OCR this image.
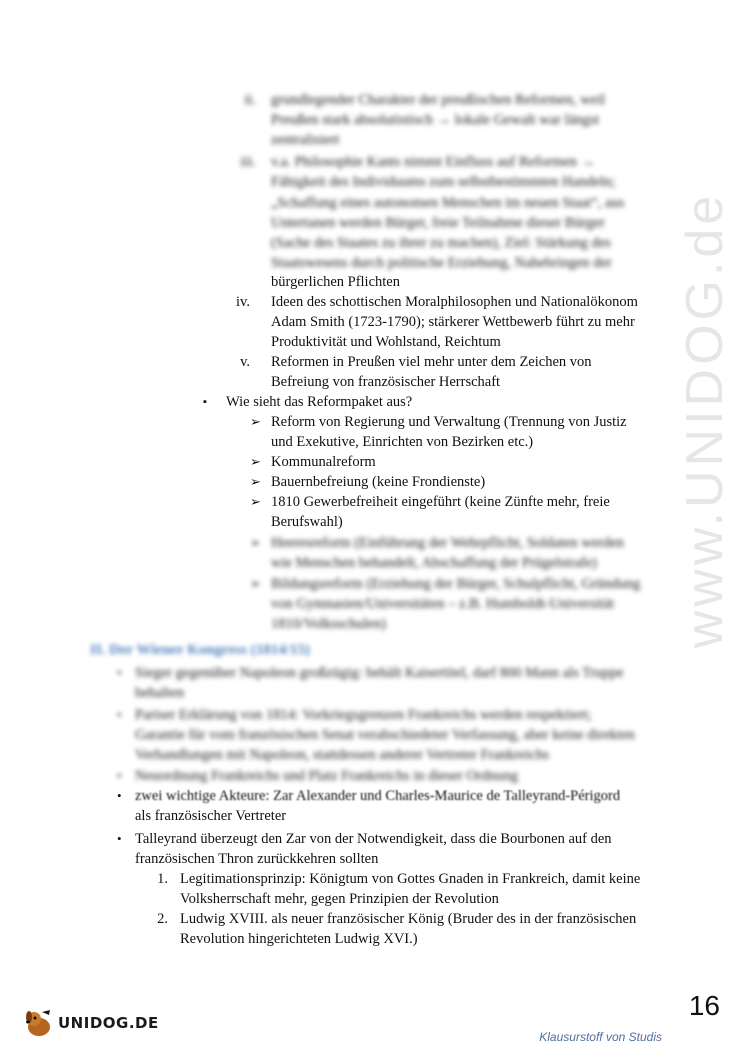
www.UNIDOG.de
ii. grundlegender Charakter der preußischen Reformen, weil
Preußen stark absolutistisch → lokale Gewalt war längst
zentralisiert
iii. v.a. Philosophie Kants nimmt Einfluss auf Reformen →
Fähigkeit des Individuums zum selbstbestimmten Handeln;
„Schaffung eines autonomen Menschen im neuen Staat“, aus
Untertanen werden Bürger, freie Teilnahme dieser Bürger
(Sache des Staates zu ihrer zu machen), Ziel: Stärkung des
Staatswesens durch politische Erziehung, Nahebringen der
bürgerlichen Pflichten
iv. Ideen des schottischen Moralphilosophen und Nationalökonom
Adam Smith (1723-1790); stärkerer Wettbewerb führt zu mehr
Produktivität und Wohlstand, Reichtum
v. Reformen in Preußen viel mehr unter dem Zeichen von
Befreiung von französischer Herrschaft
▪ Wie sieht das Reformpaket aus?
➢ Reform von Regierung und Verwaltung (Trennung von Justiz
und Exekutive, Einrichten von Bezirken etc.)
➢ Kommunalreform
➢ Bauernbefreiung (keine Frondienste)
➢ 1810 Gewerbefreiheit eingeführt (keine Zünfte mehr, freie
Berufswahl)
➢ Heeresreform (Einführung der Wehrpflicht, Soldaten werden
wie Menschen behandelt, Abschaffung der Prügelstrafe)
➢ Bildungsreform (Erziehung der Bürger, Schulpflicht, Gründung
von Gymnasien/Universitäten – z.B. Humboldt-Universität
1810/Volksschulen)
II. Der Wiener Kongress (1814/15)
• Sieger gegenüber Napoleon großzügig: behält Kaisertitel, darf 800 Mann als Truppe
behalten
• Pariser Erklärung von 1814: Vorkriegsgrenzen Frankreichs werden respektiert;
Garantie für vom französischen Senat verabschiedeter Verfassung, aber keine direkten
Verhandlungen mit Napoleon, stattdessen anderer Vertreter Frankreichs
• Neuordnung Frankreichs und Platz Frankreichs in dieser Ordnung
• zwei wichtige Akteure: Zar Alexander und Charles-Maurice de Talleyrand-Périgord
als französischer Vertreter
• Talleyrand überzeugt den Zar von der Notwendigkeit, dass die Bourbonen auf den
französischen Thron zurückkehren sollten
1. Legitimationsprinzip: Königtum von Gottes Gnaden in Frankreich, damit keine
Volksherrschaft mehr, gegen Prinzipien der Revolution
2. Ludwig XVIII. als neuer französischer König (Bruder des in der französischen
Revolution hingerichteten Ludwig XVI.)
16
UNIDOG.DE
Klausurstoff von Studis
